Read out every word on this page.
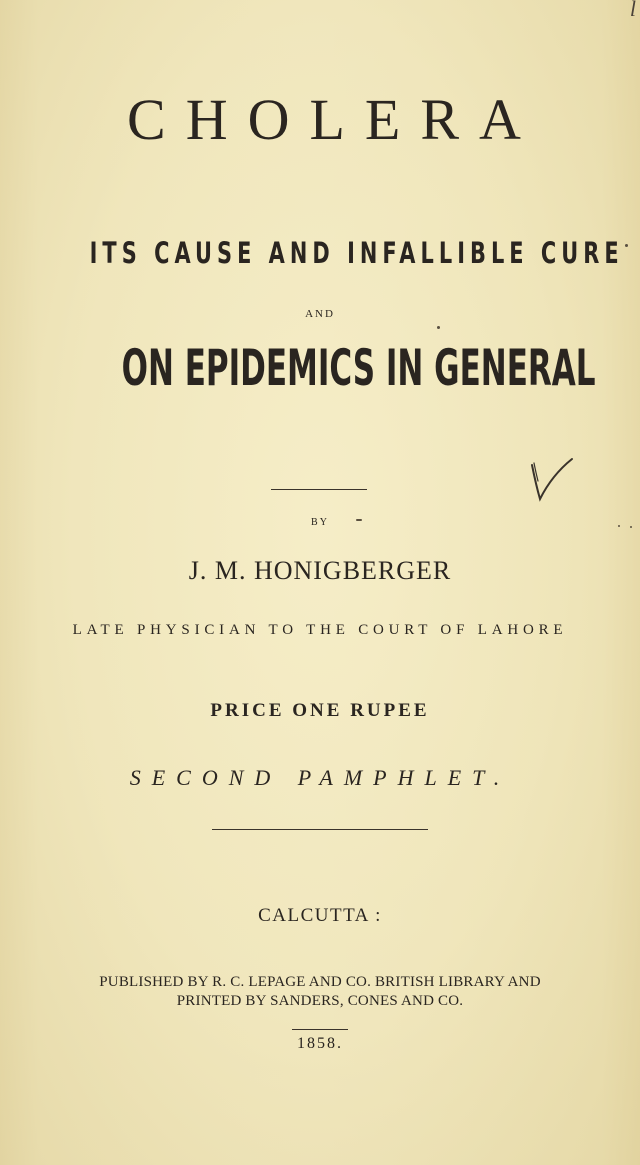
l
CHOLERA
ITS CAUSE AND INFALLIBLE CURE
AND
ON EPIDEMICS IN GENERAL
BY
J. M. HONIGBERGER
LATE PHYSICIAN TO THE COURT OF LAHORE
PRICE ONE RUPEE
SECOND PAMPHLET.
CALCUTTA :
PUBLISHED BY R. C. LEPAGE AND CO. BRITISH LIBRARY AND
PRINTED BY SANDERS, CONES AND CO.
1858.
